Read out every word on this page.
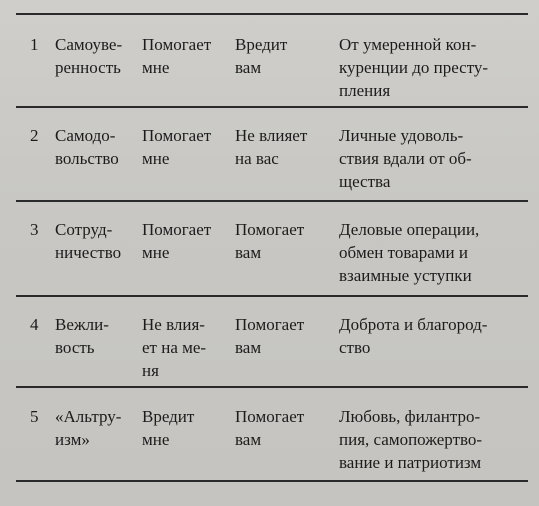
1 Самоуве-
ренность
Помогает
мне
Вредит
вам
От умеренной кон-
куренции до престу-
пления
2 Самодо-
вольство
Помогает
мне
Не влияет
на вас
Личные удоволь-
ствия вдали от об-
щества
3 Сотруд-
ничество
Помогает
мне
Помогает
вам
Деловые операции,
обмен товарами и
взаимные уступки
4 Вежли-
вость
Не влия-
ет на ме-
ня
Помогает
вам
Доброта и благород-
ство
5 «Альтру-
изм»
Вредит
мне
Помогает
вам
Любовь, филантро-
пия, самопожертво-
вание и патриотизм
